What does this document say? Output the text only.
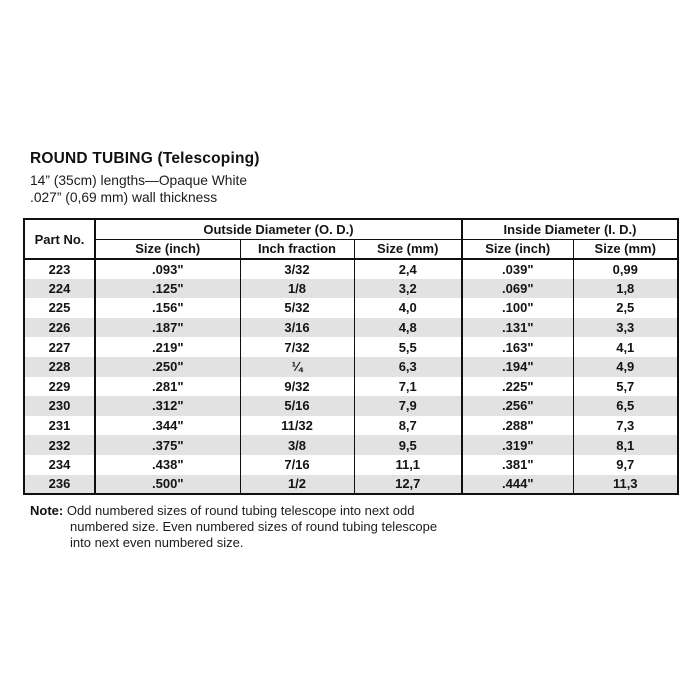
ROUND TUBING (Telescoping)
14” (35cm) lengths—Opaque White
.027” (0,69 mm) wall thickness
Part No.	Outside Diameter (O. D.)			Inside Diameter (I. D.)	
	Size (inch)	Inch fraction	Size (mm)	Size (inch)	Size (mm)
223	.093"	3/32	2,4	.039"	0,99
224	.125"	1/8	3,2	.069"	1,8
225	.156"	5/32	4,0	.100"	2,5
226	.187"	3/16	4,8	.131"	3,3
227	.219"	7/32	5,5	.163"	4,1
228	.250"	¼	6,3	.194"	4,9
229	.281"	9/32	7,1	.225"	5,7
230	.312"	5/16	7,9	.256"	6,5
231	.344"	11/32	8,7	.288"	7,3
232	.375"	3/8	9,5	.319"	8,1
234	.438"	7/16	11,1	.381"	9,7
236	.500"	1/2	12,7	.444"	11,3
Note: Odd numbered sizes of round tubing telescope into next odd
numbered size. Even numbered sizes of round tubing telescope
into next even numbered size.
